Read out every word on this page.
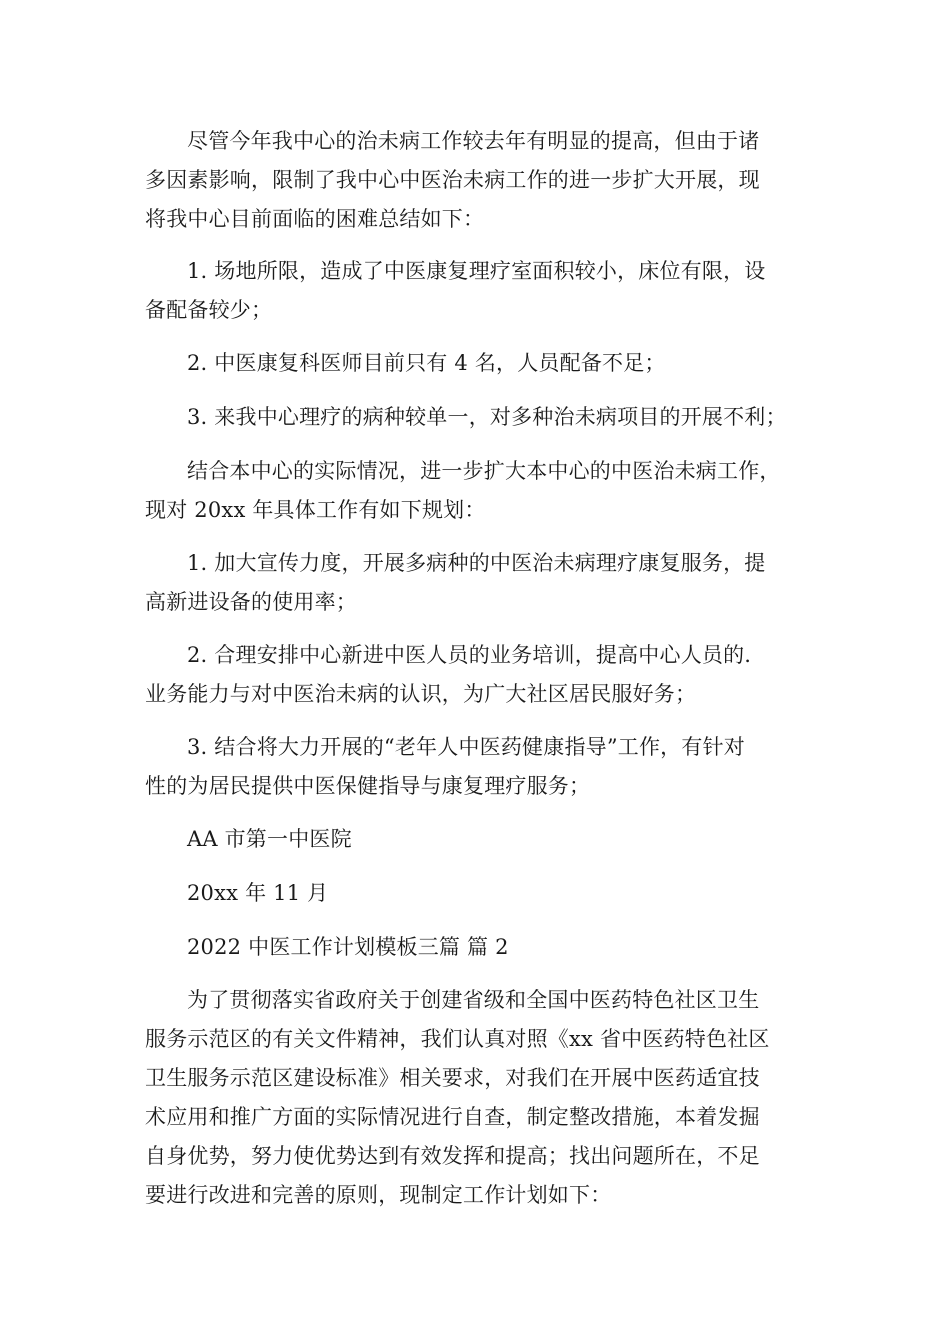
尽管今年我中心的治未病工作较去年有明显的提高，但由于诸
多因素影响，限制了我中心中医治未病工作的进一步扩大开展，现
将我中心目前面临的困难总结如下：
1. 场地所限，造成了中医康复理疗室面积较小，床位有限，设
备配备较少；
2. 中医康复科医师目前只有 4 名，人员配备不足；
3. 来我中心理疗的病种较单一，对多种治未病项目的开展不利；
结合本中心的实际情况，进一步扩大本中心的中医治未病工作，
现对 20xx 年具体工作有如下规划：
1. 加大宣传力度，开展多病种的中医治未病理疗康复服务，提
高新进设备的使用率；
2. 合理安排中心新进中医人员的业务培训，提高中心人员的.
业务能力与对中医治未病的认识，为广大社区居民服好务；
3. 结合将大力开展的“老年人中医药健康指导”工作，有针对
性的为居民提供中医保健指导与康复理疗服务；
AA 市第一中医院
20xx 年 11 月
2022 中医工作计划模板三篇 篇 2
为了贯彻落实省政府关于创建省级和全国中医药特色社区卫生
服务示范区的有关文件精神，我们认真对照《xx 省中医药特色社区
卫生服务示范区建设标准》相关要求，对我们在开展中医药适宜技
术应用和推广方面的实际情况进行自查，制定整改措施，本着发掘
自身优势，努力使优势达到有效发挥和提高；找出问题所在，不足
要进行改进和完善的原则，现制定工作计划如下：
